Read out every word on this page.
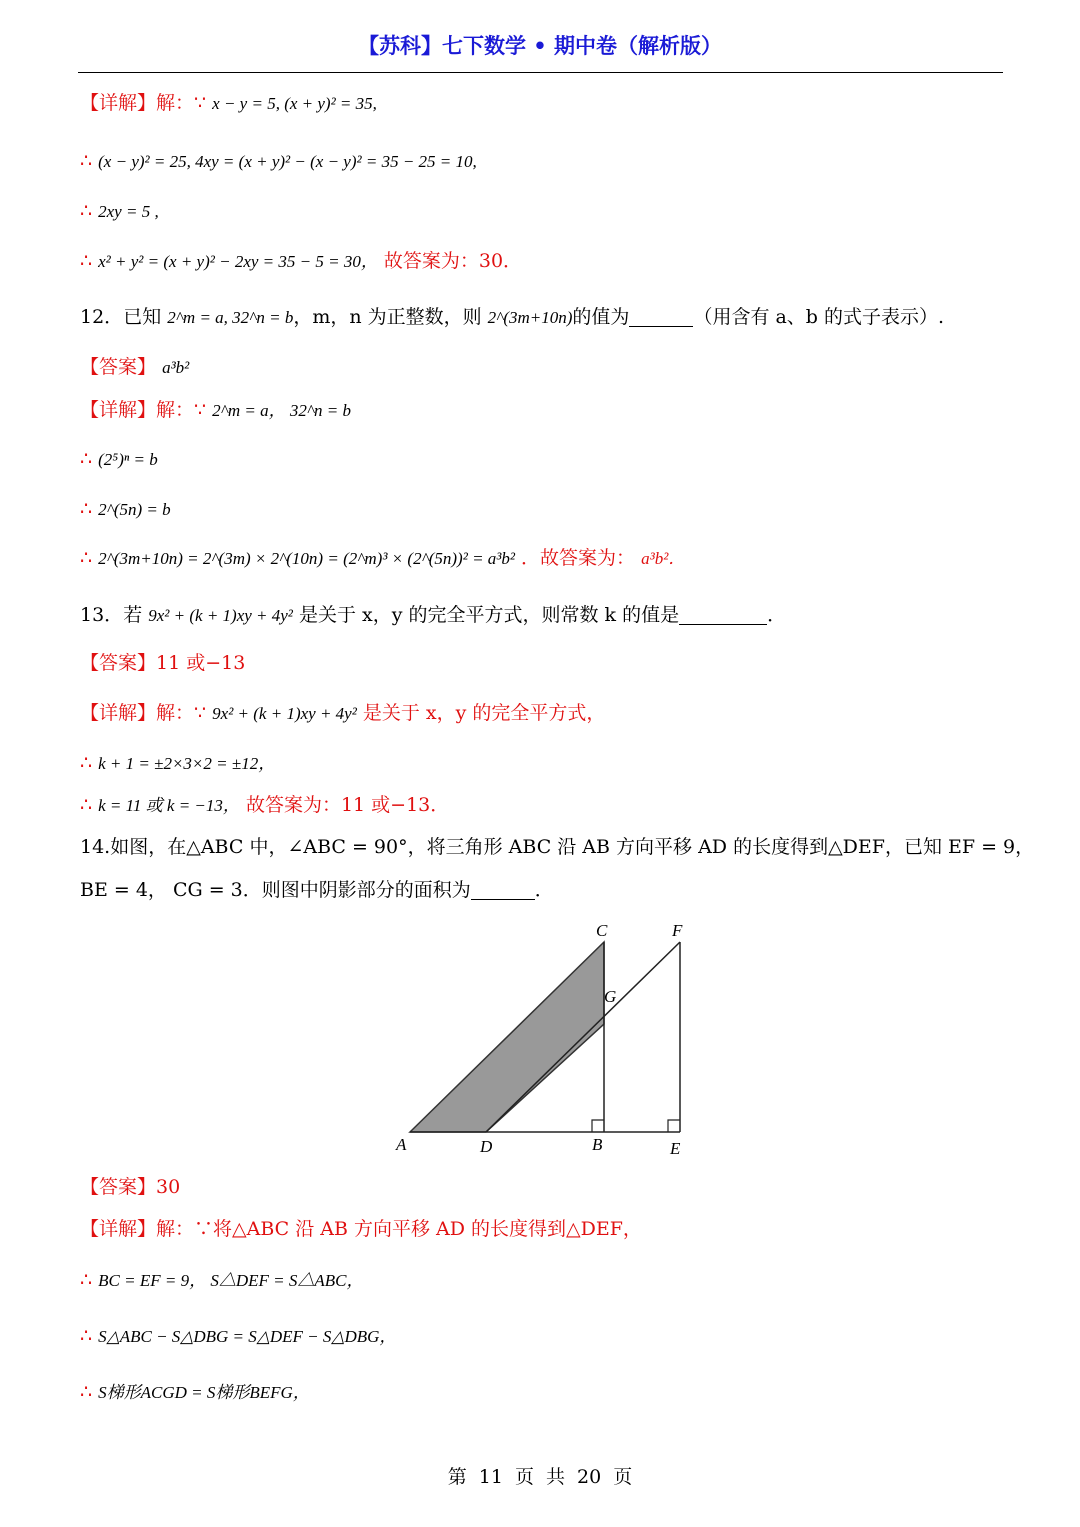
【苏科】七下数学 • 期中卷（解析版）
【详解】解：∵ x − y = 5, (x + y)² = 35,
∴ (x − y)² = 25, 4xy = (x + y)² − (x − y)² = 35 − 25 = 10,
∴ 2xy = 5 ,
∴ x² + y² = (x + y)² − 2xy = 35 − 5 = 30， 故答案为：30．
12．已知 2^m = a, 32^n = b，m，n 为正整数，则 2^(3m+10n)的值为	（用含有 a、b 的式子表示）.
【答案】 a³b²
【详解】解：∵ 2^m = a， 32^n = b
∴ (2⁵)ⁿ = b
∴ 2^(5n) = b
∴ 2^(3m+10n) = 2^(3m) × 2^(10n) = (2^m)³ × (2^(5n))² = a³b² ．故答案为： a³b²．
13．若 9x² + (k + 1)xy + 4y² 是关于 x，y 的完全平方式，则常数 k 的值是	．
【答案】11 或−13
【详解】解：∵ 9x² + (k + 1)xy + 4y² 是关于 x，y 的完全平方式，
∴ k + 1 = ±2×3×2 = ±12，
∴ k = 11 或 k = −13， 故答案为：11 或−13．
14.如图，在△ABC 中，∠ABC = 90°，将三角形 ABC 沿 AB 方向平移 AD 的长度得到△DEF，已知 EF = 9，
BE = 4， CG = 3．则图中阴影部分的面积为	．
A	D	B	E
C	F
G
【答案】30
【详解】解：∵将△ABC 沿 AB 方向平移 AD 的长度得到△DEF，
∴ BC = EF = 9， S△DEF = S△ABC，
∴ S△ABC − S△DBG = S△DEF − S△DBG，
∴ S梯形ACGD = S梯形BEFG，
第 11 页 共 20 页
